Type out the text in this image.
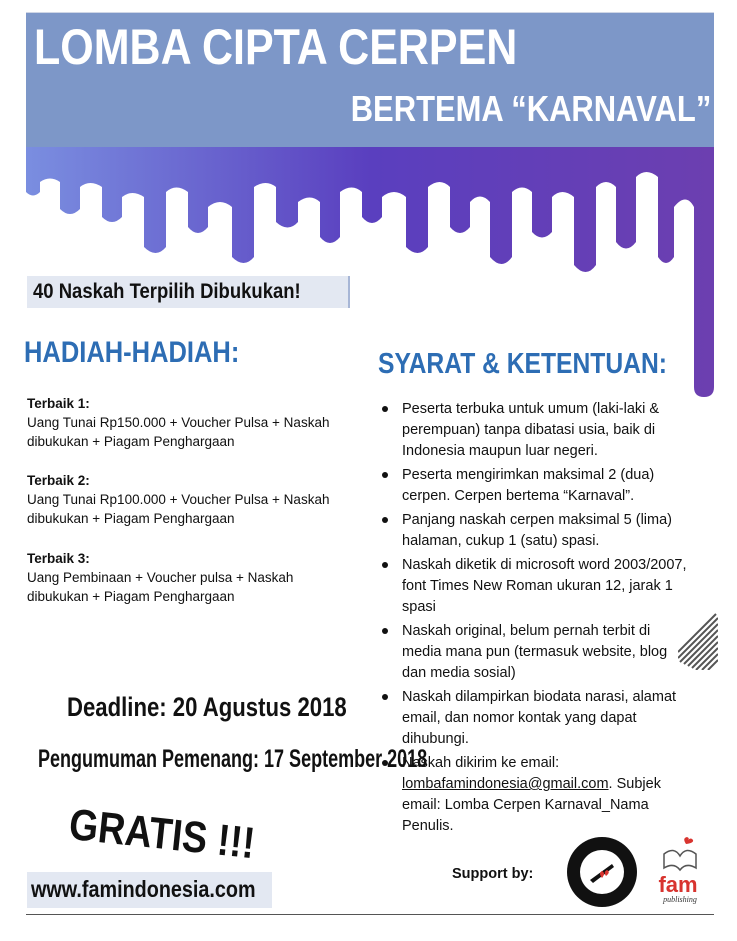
LOMBA CIPTA CERPEN
BERTEMA “KARNAVAL”
40 Naskah Terpilih Dibukukan!
HADIAH-HADIAH:
Terbaik 1:
Uang Tunai Rp150.000 + Voucher Pulsa + Naskah dibukukan + Piagam Penghargaan
Terbaik 2:
Uang Tunai Rp100.000 + Voucher Pulsa + Naskah dibukukan + Piagam Penghargaan
Terbaik 3:
Uang Pembinaan + Voucher pulsa + Naskah dibukukan + Piagam Penghargaan
SYARAT & KETENTUAN:
Peserta terbuka untuk umum (laki-laki & perempuan) tanpa dibatasi usia, baik di Indonesia maupun luar negeri.
Peserta mengirimkan maksimal 2 (dua) cerpen. Cerpen bertema “Karnaval”.
Panjang naskah cerpen maksimal 5 (lima) halaman, cukup 1 (satu) spasi.
Naskah diketik di microsoft word 2003/2007, font Times New Roman ukuran 12, jarak 1 spasi
Naskah original, belum pernah terbit di media mana pun (termasuk website, blog dan media sosial)
Naskah dilampirkan biodata narasi, alamat email, dan nomor kontak yang dapat dihubungi.
Naskah dikirim ke email: lombafamindonesia@gmail.com. Subjek email: Lomba Cerpen Karnaval_Nama Penulis.
Deadline: 20 Agustus 2018
Pengumuman Pemenang: 17 September 2018
GRATIS !!!
www.famindonesia.com
Support by:	fam
publishing
